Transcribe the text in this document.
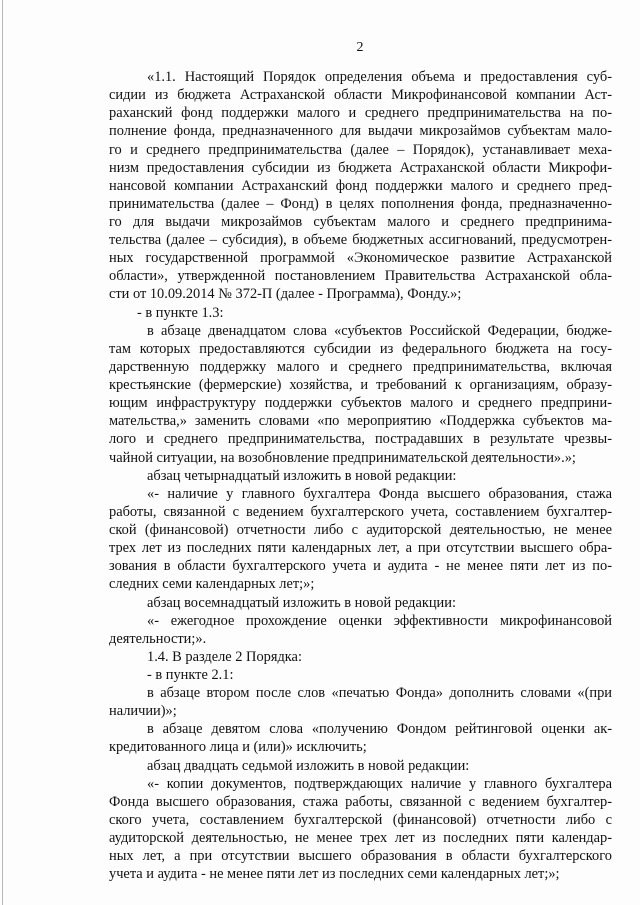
2
«1.1. Настоящий Порядок определения объема и предоставления суб-
сидии из бюджета Астраханской области Микрофинансовой компании Аст-
раханский фонд поддержки малого и среднего предпринимательства на по-
полнение фонда, предназначенного для выдачи микрозаймов субъектам мало-
го и среднего предпринимательства (далее – Порядок), устанавливает меха-
низм предоставления субсидии из бюджета Астраханской области Микрофи-
нансовой компании Астраханский фонд поддержки малого и среднего пред-
принимательства (далее – Фонд) в целях пополнения фонда, предназначенно-
го для выдачи микрозаймов субъектам малого и среднего предпринима-
тельства (далее – субсидия), в объеме бюджетных ассигнований, предусмотрен-
ных государственной программой «Экономическое развитие Астраханской
области», утвержденной постановлением Правительства Астраханской обла-
сти от 10.09.2014 № 372-П (далее - Программа), Фонду.»;
- в пункте 1.3:
в абзаце двенадцатом слова «субъектов Российской Федерации, бюдже-
там которых предоставляются субсидии из федерального бюджета на госу-
дарственную поддержку малого и среднего предпринимательства, включая
крестьянские (фермерские) хозяйства, и требований к организациям, образу-
ющим инфраструктуру поддержки субъектов малого и среднего предприни-
мательства,» заменить словами «по мероприятию «Поддержка субъектов ма-
лого и среднего предпринимательства, пострадавших в результате чрезвы-
чайной ситуации, на возобновление предпринимательской деятельности».»;
абзац четырнадцатый изложить в новой редакции:
«- наличие у главного бухгалтера Фонда высшего образования, стажа
работы, связанной с ведением бухгалтерского учета, составлением бухгалтер-
ской (финансовой) отчетности либо с аудиторской деятельностью, не менее
трех лет из последних пяти календарных лет, а при отсутствии высшего обра-
зования в области бухгалтерского учета и аудита - не менее пяти лет из по-
следних семи календарных лет;»;
абзац восемнадцатый изложить в новой редакции:
«- ежегодное прохождение оценки эффективности микрофинансовой
деятельности;».
1.4. В разделе 2 Порядка:
- в пункте 2.1:
в абзаце втором после слов «печатью Фонда» дополнить словами «(при
наличии)»;
в абзаце девятом слова «получению Фондом рейтинговой оценки ак-
кредитованного лица и (или)» исключить;
абзац двадцать седьмой изложить в новой редакции:
«- копии документов, подтверждающих наличие у главного бухгалтера
Фонда высшего образования, стажа работы, связанной с ведением бухгалтер-
ского учета, составлением бухгалтерской (финансовой) отчетности либо с
аудиторской деятельностью, не менее трех лет из последних пяти календар-
ных лет, а при отсутствии высшего образования в области бухгалтерского
учета и аудита - не менее пяти лет из последних семи календарных лет;»;
